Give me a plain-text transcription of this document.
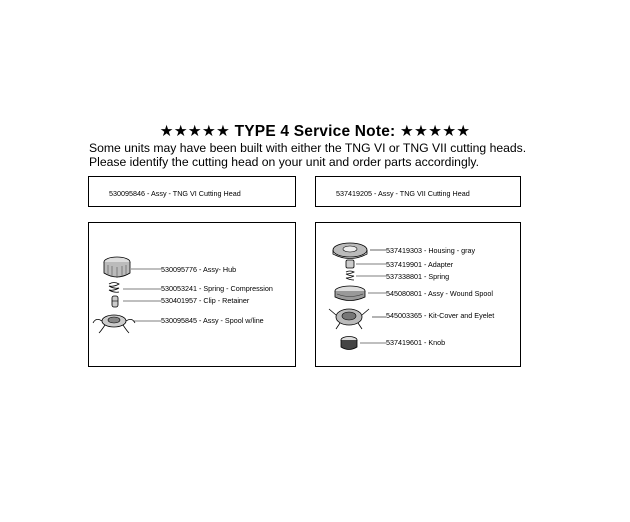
★★★★★ TYPE 4 Service Note: ★★★★★
Some units may have been built with either the TNG VI or TNG VII cutting heads.
Please identify the cutting head on your unit and order parts accordingly.
530095846 - Assy - TNG VI Cutting Head	537419205 - Assy - TNG VII Cutting Head
530095776 - Assy- Hub
530053241 - Spring - Compression
530401957 - Clip - Retainer
530095845 - Assy - Spool w/line
537419303 - Housing - gray
537419901 - Adapter
537338801 - Spring
545080801 - Assy - Wound Spool
545003365 - Kit-Cover and Eyelet
537419601 - Knob
